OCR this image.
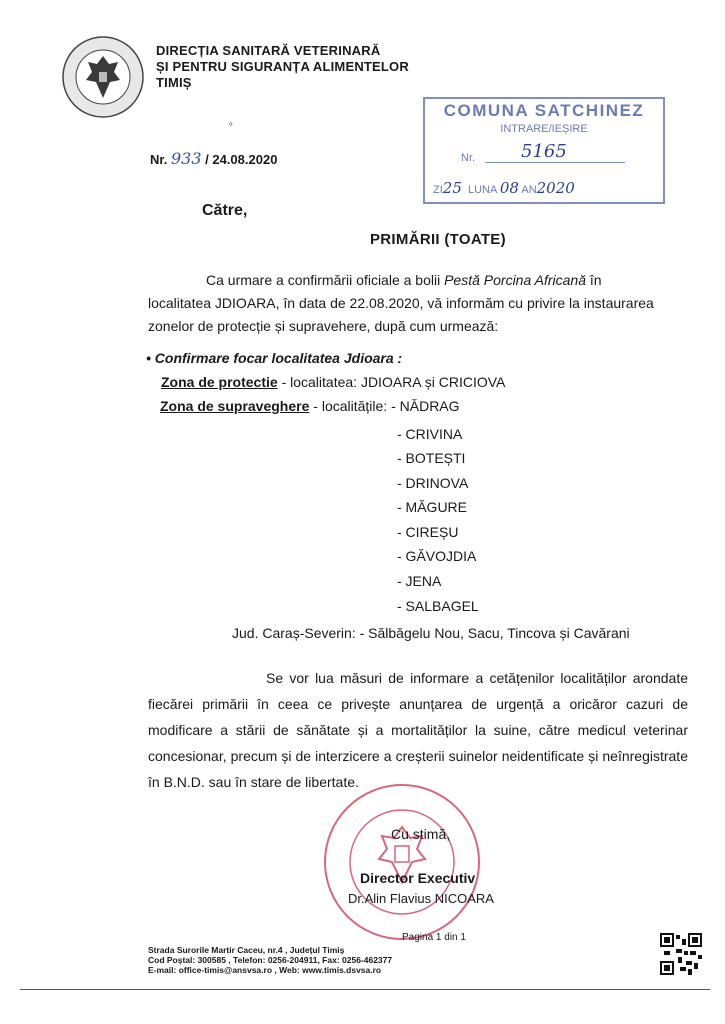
DIRECȚIA SANITARĂ VETERINARĂ
ȘI PENTRU SIGURANȚA ALIMENTELOR
TIMIȘ
⚬
Nr. 933 / 24.08.2020
COMUNA SATCHINEZ
INTRARE/IEȘIRE
Nr.	5165
ZI25 LUNA 08 AN2020
Către,
PRIMĂRII (TOATE)
Ca urmare a confirmării oficiale a bolii Pestă Porcina Africană în localitatea JDIOARA, în data de 22.08.2020, vă informăm cu privire la instaurarea zonelor de protecție și supravehere, după cum urmează:
• Confirmare focar localitatea Jdioara :
Zona de protectie - localitatea: JDIOARA și CRICIOVA
Zona de supraveghere - localitățile: - NĂDRAG
- CRIVINA
- BOTEȘTI
- DRINOVA
- MĂGURE
- CIREȘU
- GĂVOJDIA
- JENA
- SALBAGEL
Jud. Caraș-Severin: - Sălbăgelu Nou, Sacu, Tincova și Cavărani
Se vor lua măsuri de informare a cetățenilor localităților arondate fiecărei primării în ceea ce privește anunțarea de urgență a oricăror cazuri de modificare a stării de sănătate și a mortalităților la suine, către medicul veterinar concesionar, precum și de interzicere a creșterii suinelor neidentificate și neînregistrate în B.N.D. sau în stare de libertate.
Cu stimă,
Director Executiv
Dr.Alin Flavius NICOARA
Pagina 1 din 1
Strada Surorile Martir Caceu, nr.4 , Județul Timiș
Cod Poștal: 300585 , Telefon: 0256-204911, Fax: 0256-462377
E-mail: office-timis@ansvsa.ro , Web: www.timis.dsvsa.ro
